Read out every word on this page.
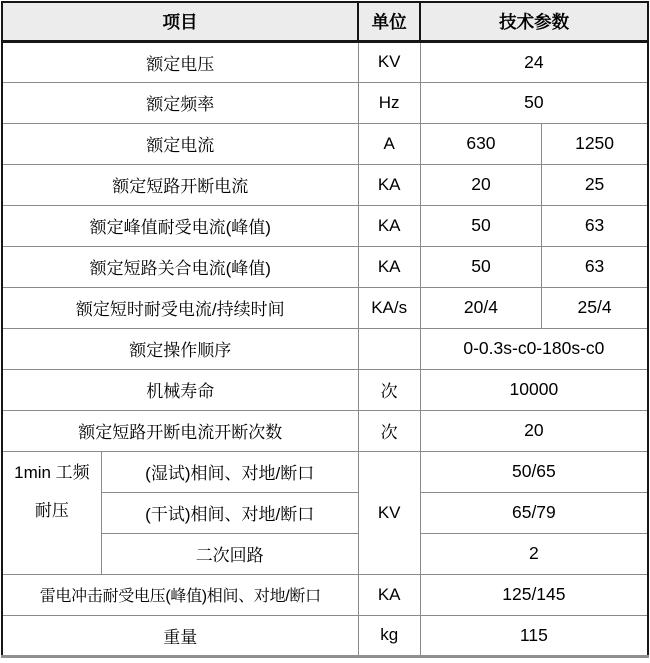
项目		单位	技术参数	
额定电压		KV	24	
额定频率		Hz	50	
额定电流		A	630	1250
额定短路开断电流		KA	20	25
额定峰值耐受电流(峰值)		KA	50	63
额定短路关合电流(峰值)		KA	50	63
额定短时耐受电流/持续时间		KA/s	20/4	25/4
额定操作顺序			0-0.3s-c0-180s-c0	
机械寿命		次	10000	
额定短路开断电流开断次数		次	20	

1min 工频
耐压	(湿试)相间、对地/断口	KV	50/65	
	(干试)相间、对地/断口		65/79	
	二次回路		2	
雷电冲击耐受电压(峰值)相间、对地/断口		KA	125/145	
重量		kg	115	
